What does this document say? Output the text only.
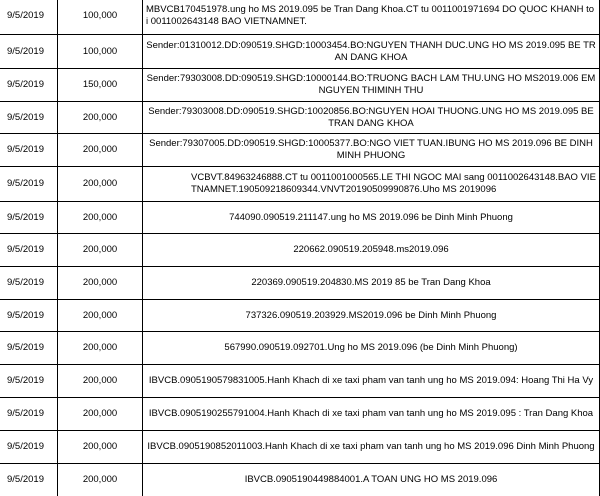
9/5/2019	100,000	MBVCB170451978.ung ho MS 2019.095 be Tran Dang Khoa.CT tu 0011001971694 DO QUOC KHANH toi 0011002643148 BAO VIETNAMNET.
9/5/2019	100,000	Sender:01310012.DD:090519.SHGD:10003454.BO:NGUYEN THANH DUC.UNG HO MS 2019.095 BE TRAN DANG KHOA
9/5/2019	150,000	Sender:79303008.DD:090519.SHGD:10000144.BO:TRUONG BACH LAM THU.UNG HO MS2019.006 EM NGUYEN THIMINH THU
9/5/2019	200,000	Sender:79303008.DD:090519.SHGD:10020856.BO:NGUYEN HOAI THUONG.UNG HO MS 2019.095 BE TRAN DANG KHOA
9/5/2019	200,000	Sender:79307005.DD:090519.SHGD:10005377.BO:NGO VIET TUAN.IBUNG HO MS 2019.096 BE DINH MINH PHUONG
9/5/2019	200,000	VCBVT.84963246888.CT tu 0011001000565.LE THI NGOC MAI sang 0011002643148.BAO VIETNAMNET.190509218609344.VNVT20190509990876.Uho MS 2019096
9/5/2019	200,000	744090.090519.211147.ung ho MS 2019.096 be Dinh Minh Phuong
9/5/2019	200,000	220662.090519.205948.ms2019.096
9/5/2019	200,000	220369.090519.204830.MS 2019 85 be Tran Dang Khoa
9/5/2019	200,000	737326.090519.203929.MS2019.096 be Dinh Minh Phuong
9/5/2019	200,000	567990.090519.092701.Ung ho MS 2019.096 (be Dinh Minh Phuong)
9/5/2019	200,000	IBVCB.0905190579831005.Hanh Khach di xe taxi pham van tanh ung ho MS 2019.094: Hoang Thi Ha Vy
9/5/2019	200,000	IBVCB.0905190255791004.Hanh Khach di xe taxi pham van tanh ung ho MS 2019.095 : Tran Dang Khoa
9/5/2019	200,000	IBVCB.0905190852011003.Hanh Khach di xe taxi pham van tanh ung ho MS 2019.096 Dinh Minh Phuong
9/5/2019	200,000	IBVCB.0905190449884001.A TOAN UNG HO MS 2019.096
